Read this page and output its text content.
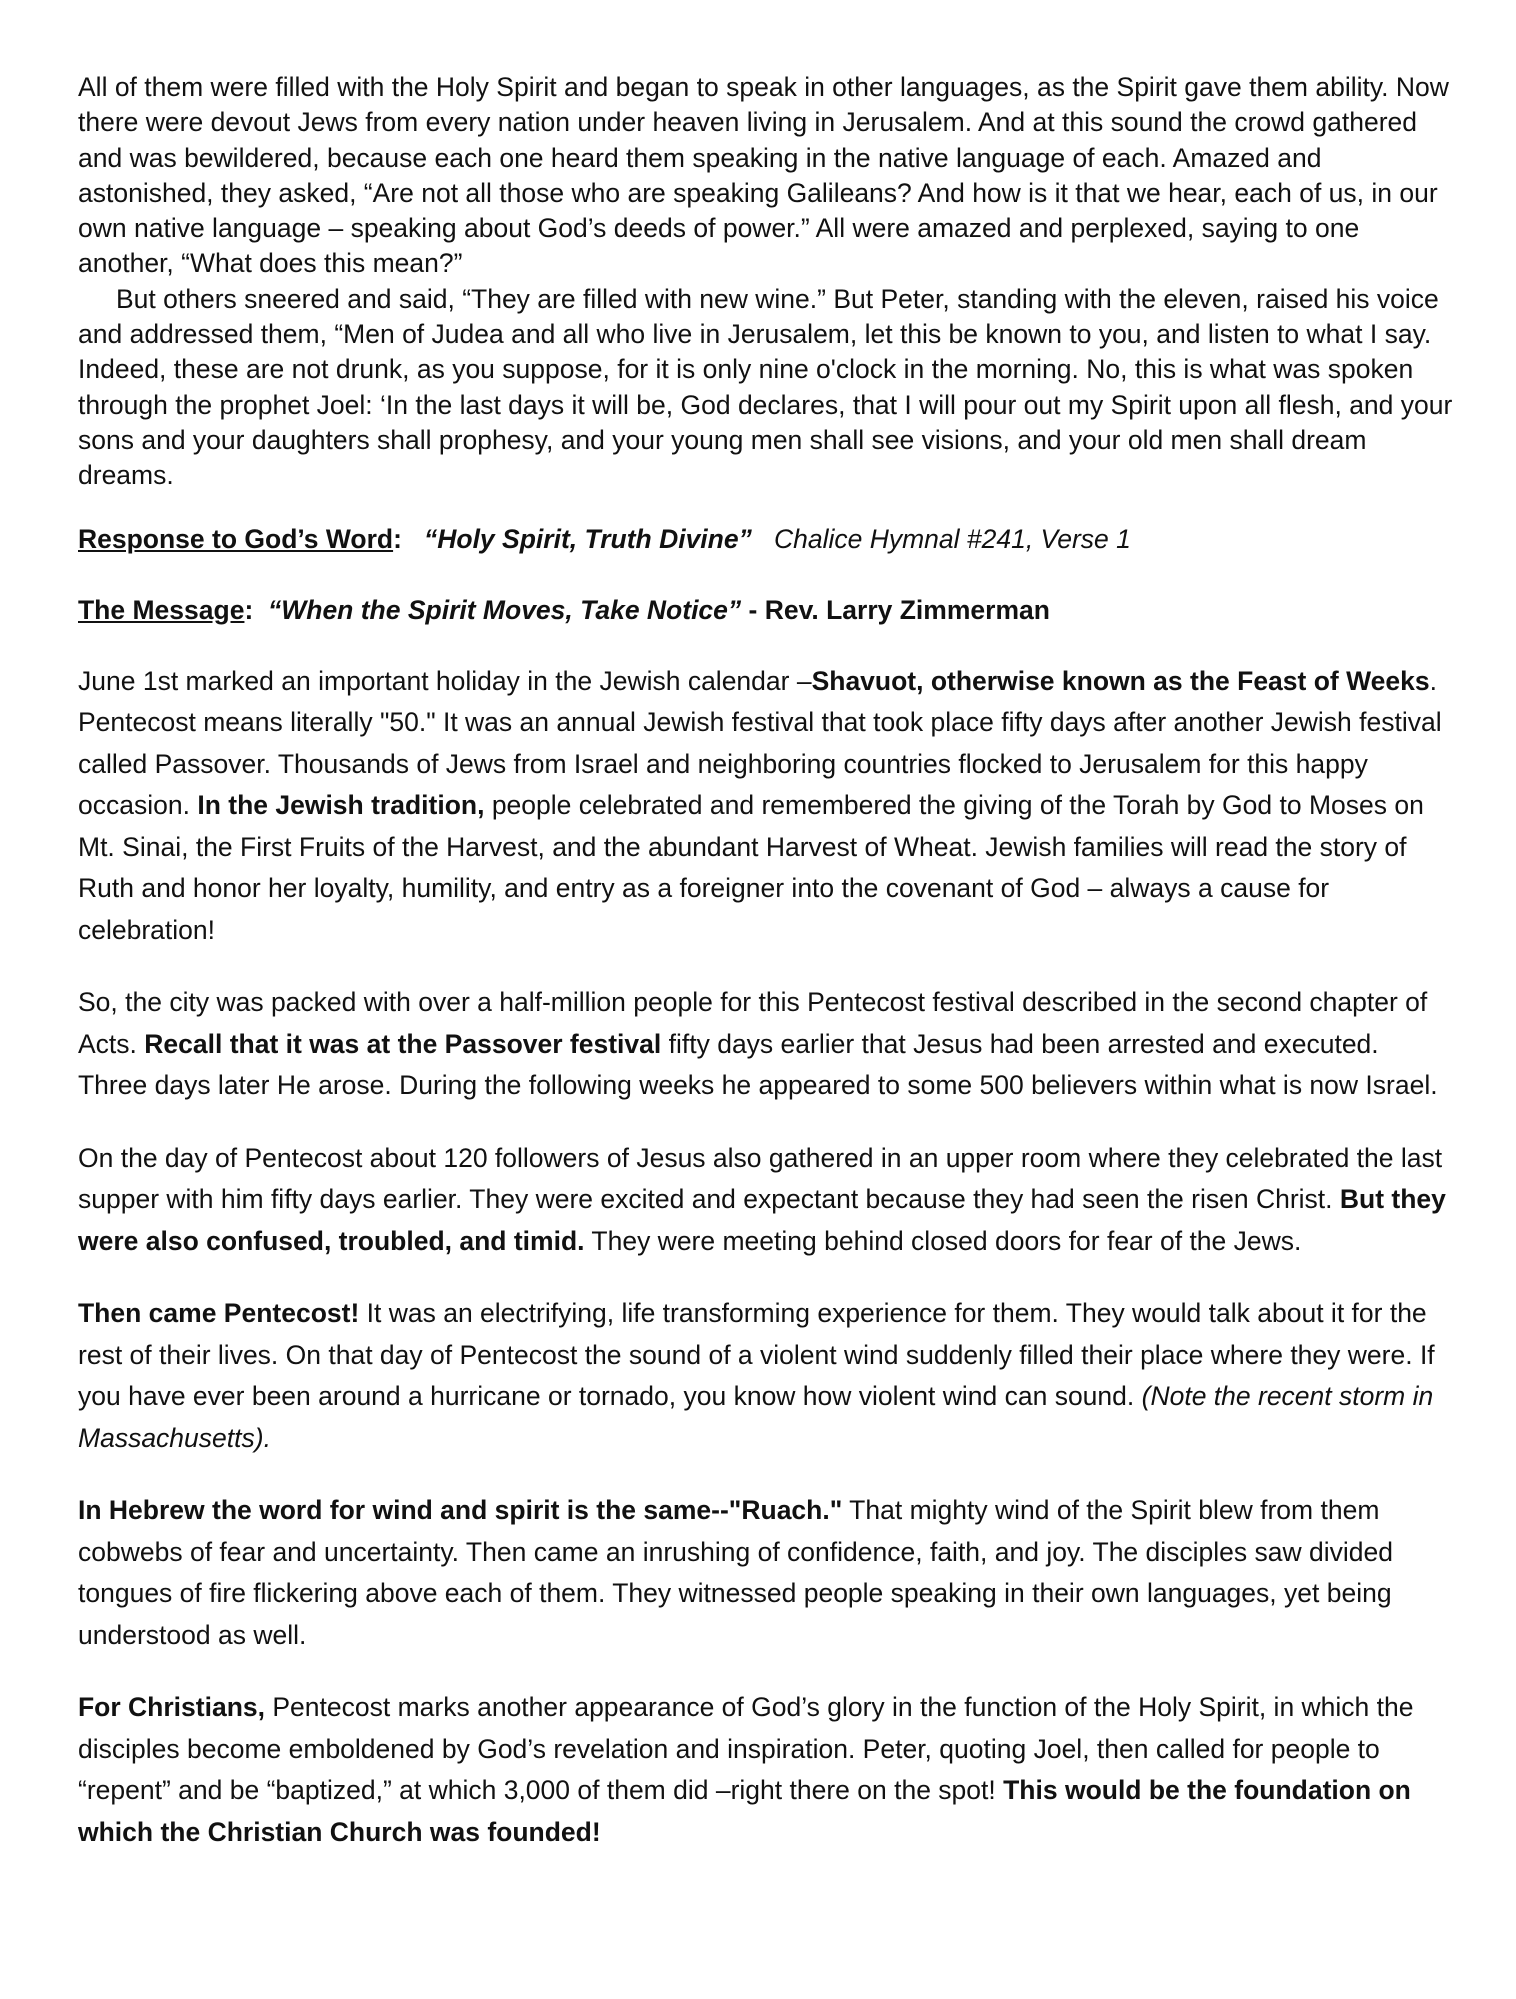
All of them were filled with the Holy Spirit and began to speak in other languages, as the Spirit gave them ability. Now there were devout Jews from every nation under heaven living in Jerusalem. And at this sound the crowd gathered and was bewildered, because each one heard them speaking in the native language of each. Amazed and astonished, they asked, “Are not all those who are speaking Galileans? And how is it that we hear, each of us, in our own native language – speaking about God’s deeds of power.” All were amazed and perplexed, saying to one another, “What does this mean?”
But others sneered and said, “They are filled with new wine.” But Peter, standing with the eleven, raised his voice and addressed them, “Men of Judea and all who live in Jerusalem, let this be known to you, and listen to what I say. Indeed, these are not drunk, as you suppose, for it is only nine o'clock in the morning. No, this is what was spoken through the prophet Joel: ‘In the last days it will be, God declares, that I will pour out my Spirit upon all flesh, and your sons and your daughters shall prophesy, and your young men shall see visions, and your old men shall dream dreams.

Response to God’s Word: “Holy Spirit, Truth Divine” Chalice Hymnal #241, Verse 1

The Message: “When the Spirit Moves, Take Notice” - Rev. Larry Zimmerman

June 1st marked an important holiday in the Jewish calendar –Shavuot, otherwise known as the Feast of Weeks. Pentecost means literally "50." It was an annual Jewish festival that took place fifty days after another Jewish festival called Passover. Thousands of Jews from Israel and neighboring countries flocked to Jerusalem for this happy occasion. In the Jewish tradition, people celebrated and remembered the giving of the Torah by God to Moses on Mt. Sinai, the First Fruits of the Harvest, and the abundant Harvest of Wheat. Jewish families will read the story of Ruth and honor her loyalty, humility, and entry as a foreigner into the covenant of God – always a cause for celebration!

So, the city was packed with over a half-million people for this Pentecost festival described in the second chapter of Acts. Recall that it was at the Passover festival fifty days earlier that Jesus had been arrested and executed. Three days later He arose. During the following weeks he appeared to some 500 believers within what is now Israel.

On the day of Pentecost about 120 followers of Jesus also gathered in an upper room where they celebrated the last supper with him fifty days earlier. They were excited and expectant because they had seen the risen Christ. But they were also confused, troubled, and timid. They were meeting behind closed doors for fear of the Jews.

Then came Pentecost! It was an electrifying, life transforming experience for them. They would talk about it for the rest of their lives. On that day of Pentecost the sound of a violent wind suddenly filled their place where they were. If you have ever been around a hurricane or tornado, you know how violent wind can sound. (Note the recent storm in Massachusetts).

In Hebrew the word for wind and spirit is the same--"Ruach." That mighty wind of the Spirit blew from them cobwebs of fear and uncertainty. Then came an inrushing of confidence, faith, and joy. The disciples saw divided tongues of fire flickering above each of them. They witnessed people speaking in their own languages, yet being understood as well.

For Christians, Pentecost marks another appearance of God’s glory in the function of the Holy Spirit, in which the disciples become emboldened by God’s revelation and inspiration. Peter, quoting Joel, then called for people to “repent” and be “baptized,” at which 3,000 of them did –right there on the spot! This would be the foundation on which the Christian Church was founded!
